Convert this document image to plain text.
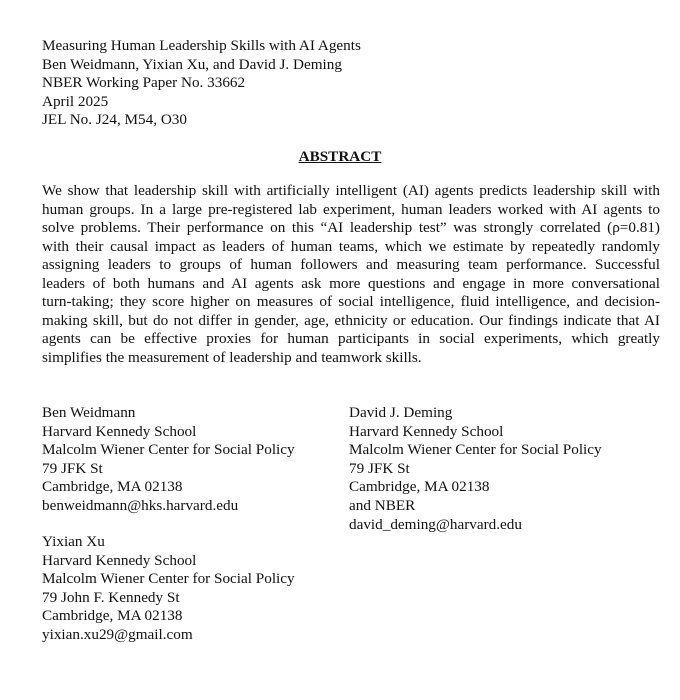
Measuring Human Leadership Skills with AI Agents
Ben Weidmann, Yixian Xu, and David J. Deming
NBER Working Paper No. 33662
April 2025
JEL No. J24, M54, O30
ABSTRACT
We show that leadership skill with artificially intelligent (AI) agents predicts leadership skill with
human groups. In a large pre-registered lab experiment, human leaders worked with AI agents to
solve problems. Their performance on this “AI leadership test” was strongly correlated (ρ=0.81)
with their causal impact as leaders of human teams, which we estimate by repeatedly randomly
assigning leaders to groups of human followers and measuring team performance. Successful
leaders of both humans and AI agents ask more questions and engage in more conversational
turn-taking; they score higher on measures of social intelligence, fluid intelligence, and decision-
making skill, but do not differ in gender, age, ethnicity or education. Our findings indicate that AI
agents can be effective proxies for human participants in social experiments, which greatly
simplifies the measurement of leadership and teamwork skills.
Ben Weidmann
Harvard Kennedy School
Malcolm Wiener Center for Social Policy
79 JFK St
Cambridge, MA 02138
benweidmann@hks.harvard.edu
David J. Deming
Harvard Kennedy School
Malcolm Wiener Center for Social Policy
79 JFK St
Cambridge, MA 02138
and NBER
david_deming@harvard.edu
Yixian Xu
Harvard Kennedy School
Malcolm Wiener Center for Social Policy
79 John F. Kennedy St
Cambridge, MA 02138
yixian.xu29@gmail.com
